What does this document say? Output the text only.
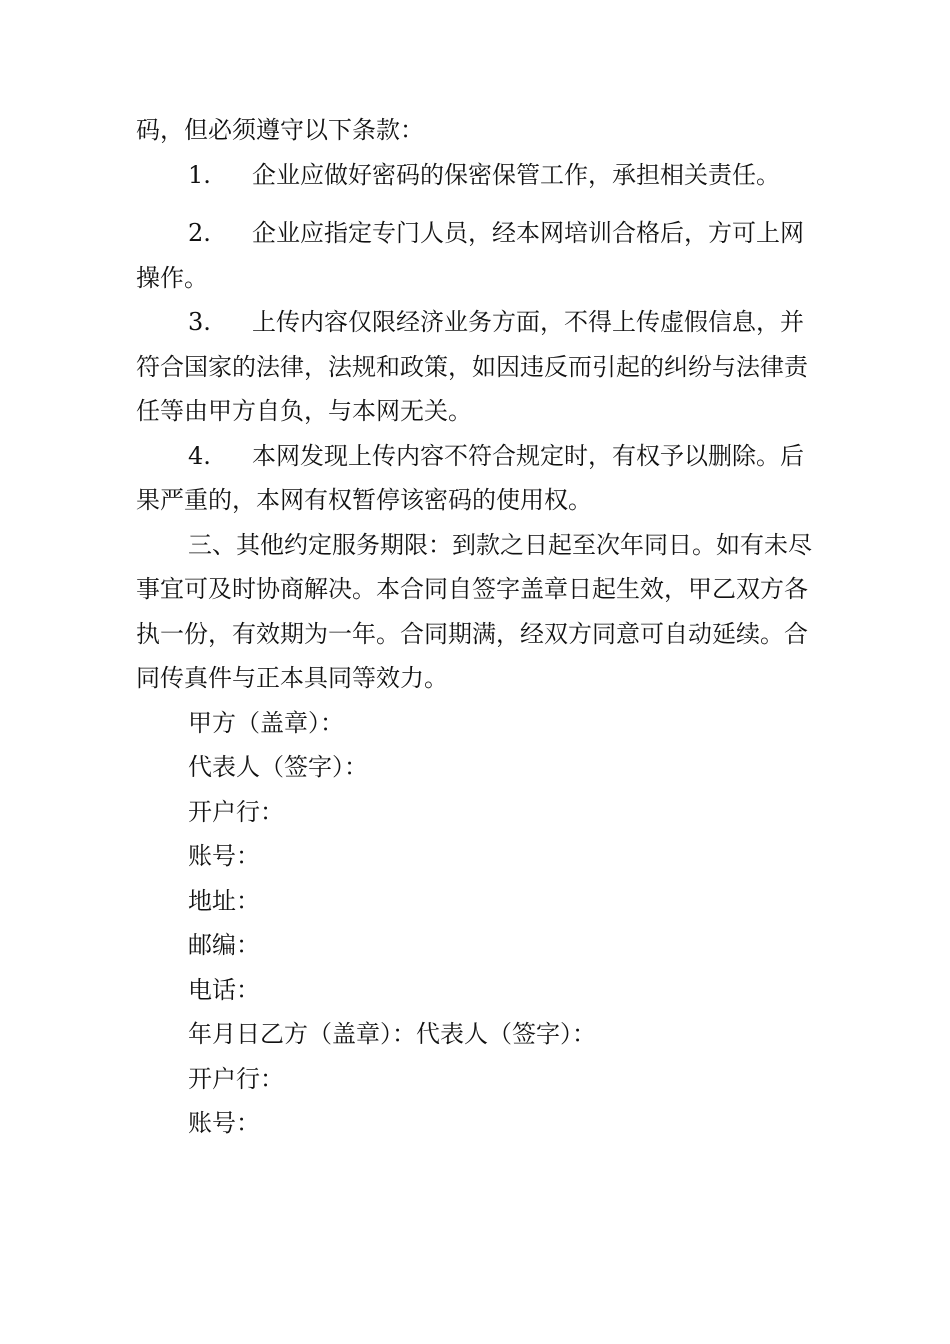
码，但必须遵守以下条款：

1. 企业应做好密码的保密保管工作，承担相关责任。

2. 企业应指定专门人员，经本网培训合格后，方可上网操作。

3. 上传内容仅限经济业务方面，不得上传虚假信息，并符合国家的法律，法规和政策，如因违反而引起的纠纷与法律责任等由甲方自负，与本网无关。

4. 本网发现上传内容不符合规定时，有权予以删除。后果严重的，本网有权暂停该密码的使用权。

三、其他约定服务期限：到款之日起至次年同日。如有未尽事宜可及时协商解决。本合同自签字盖章日起生效，甲乙双方各执一份，有效期为一年。合同期满，经双方同意可自动延续。合同传真件与正本具同等效力。

甲方（盖章）：

代表人（签字）：

开户行：

账号：

地址：

邮编：

电话：

年月日乙方（盖章）：代表人（签字）：

开户行：

账号：
